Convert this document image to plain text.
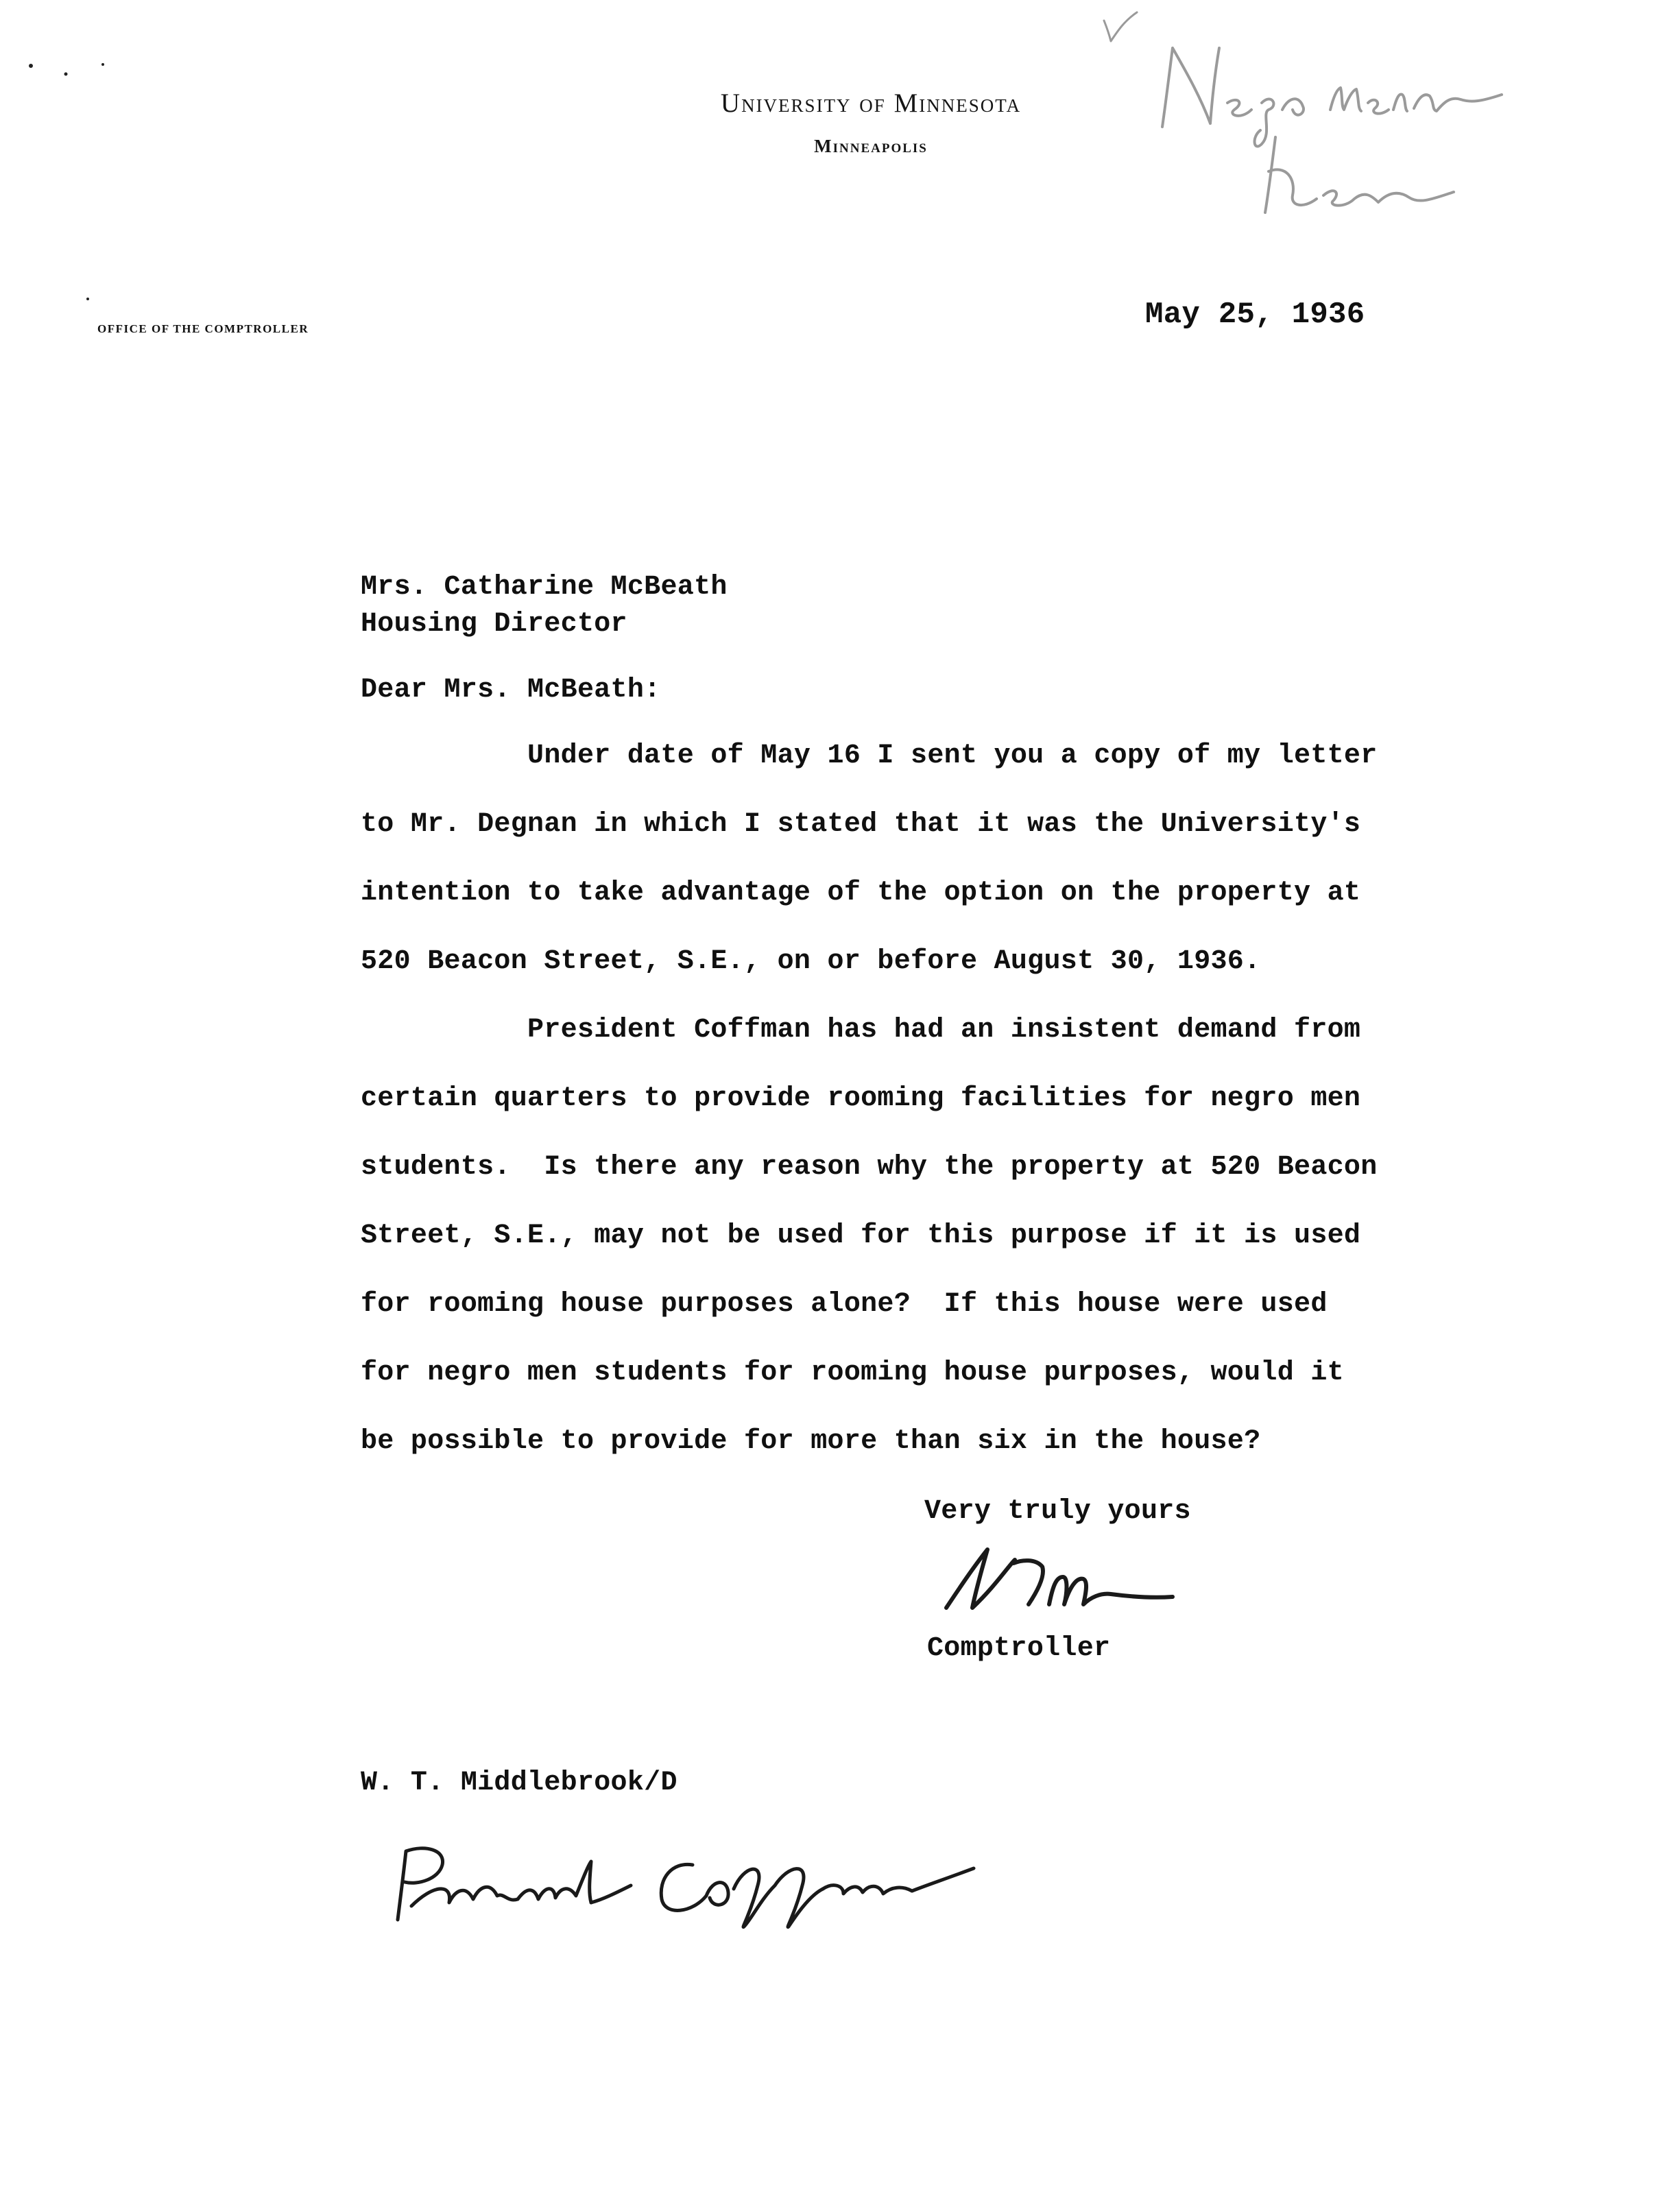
University of Minnesota
Minneapolis
OFFICE OF THE COMPTROLLER	May 25, 1936
Mrs. Catharine McBeath
Housing Director
Dear Mrs. McBeath:
Under date of May 16 I sent you a copy of my letter
to Mr. Degnan in which I stated that it was the University's
intention to take advantage of the option on the property at
520 Beacon Street, S.E., on or before August 30, 1936.
President Coffman has had an insistent demand from
certain quarters to provide rooming facilities for negro men
students.  Is there any reason why the property at 520 Beacon
Street, S.E., may not be used for this purpose if it is used
for rooming house purposes alone?  If this house were used
for negro men students for rooming house purposes, would it
be possible to provide for more than six in the house?
Very truly yours
Comptroller
W. T. Middlebrook/D
